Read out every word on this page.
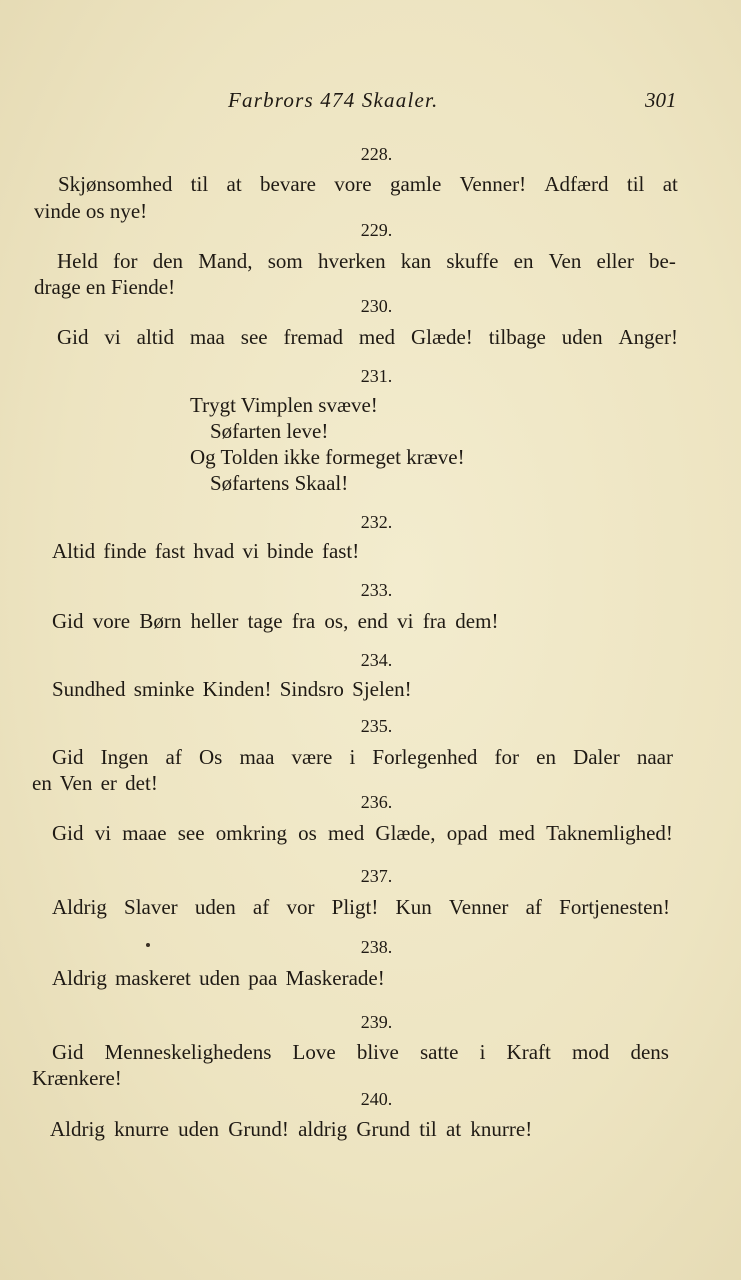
Farbrors 474 Skaaler.	301
228.
Skjønsomhed til at bevare vore gamle Venner! Adfærd til at
vinde os nye!
229.
Held for den Mand, som hverken kan skuffe en Ven eller be-
drage en Fiende!
230.
Gid vi altid maa see fremad med Glæde! tilbage uden Anger!
231.
Trygt Vimplen svæve!
Søfarten leve!
Og Tolden ikke formeget kræve!
Søfartens Skaal!
232.
Altid finde fast hvad vi binde fast!
233.
Gid vore Børn heller tage fra os, end vi fra dem!
234.
Sundhed sminke Kinden! Sindsro Sjelen!
235.
Gid Ingen af Os maa være i Forlegenhed for en Daler naar
en Ven er det!
236.
Gid vi maae see omkring os med Glæde, opad med Taknemlighed!
237.
Aldrig Slaver uden af vor Pligt! Kun Venner af Fortjenesten!
238.
Aldrig maskeret uden paa Maskerade!
239.
Gid Menneskelighedens Love blive satte i Kraft mod dens
Krænkere!
240.
Aldrig knurre uden Grund! aldrig Grund til at knurre!
